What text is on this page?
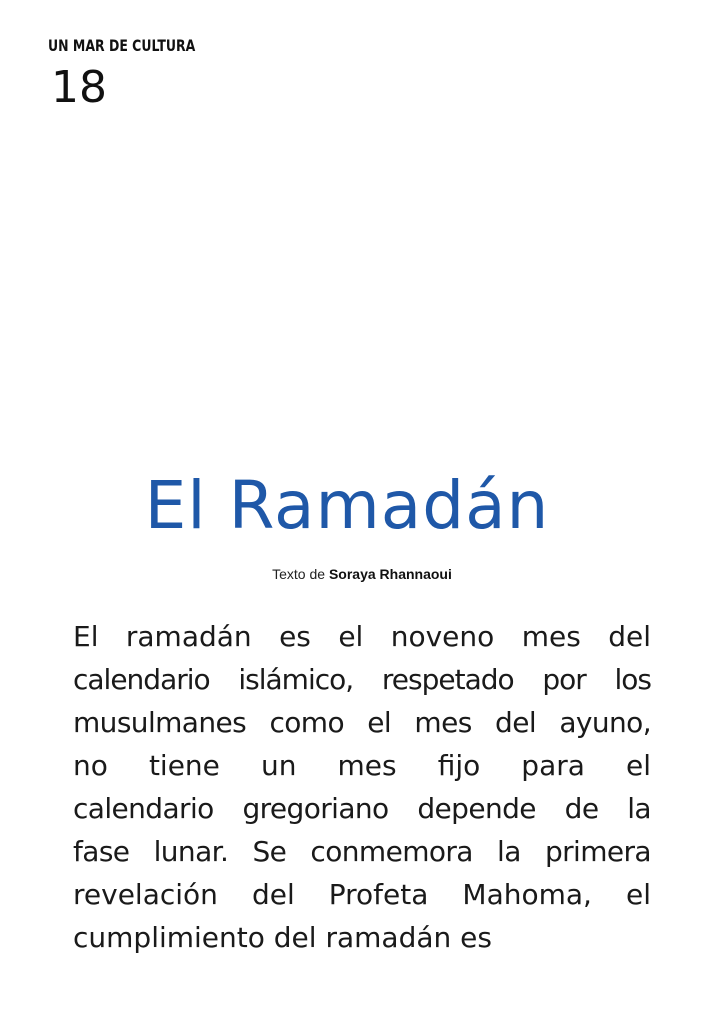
UN MAR DE CULTURA
18
El Ramadán
Texto de Soraya Rhannaoui
El ramadán es el noveno mes del
calendario islámico, respetado por los
musulmanes como el mes del ayuno,
no tiene un mes fijo para el
calendario gregoriano depende de la
fase lunar. Se conmemora la primera
revelación del Profeta Mahoma, el
cumplimiento del ramadán es
